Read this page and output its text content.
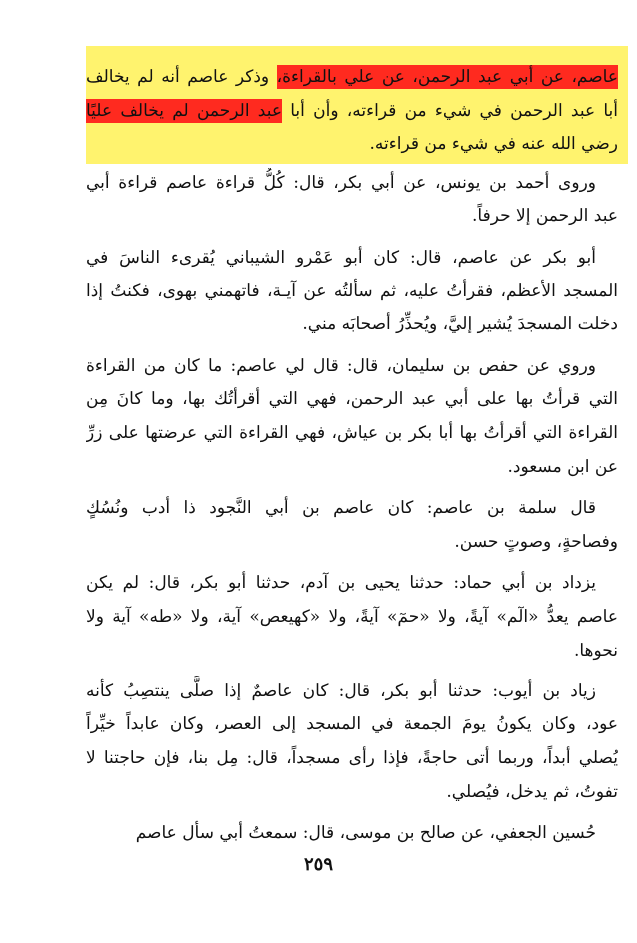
عاصم، عن أبي عبد الرحمن، عن علي بالقراءة، وذكر عاصم أنه لم يخالف
أبا عبد الرحمن في شيء من قراءته، وأن أبا عبد الرحمن لم يخالف عليًا
رضي الله عنه في شيء من قراءته.
وروى أحمد بن يونس، عن أبي بكر، قال: كُلُّ قراءة عاصم قراءة أبي
عبد الرحمن إلا حرفاً.
أبو بكر عن عاصم، قال: كان أبو عَمْرو الشيباني يُقرىء الناسَ في
المسجد الأعظم، فقرأتُ عليه، ثم سألتُه عن آيـة، فاتهمني بهوى، فكنتُ إذا
دخلت المسجدَ يُشير إليَّ، ويُحذِّرُ أصحابَه مني.
وروي عن حفص بن سليمان، قال: قال لي عاصم: ما كان من القراءة
التي قرأتُ بها على أبي عبد الرحمن، فهي التي أقرأتُك بها، وما كانَ مِن
القراءة التي أقرأتُ بها أبا بكر بن عياش، فهي القراءة التي عرضتها على زرِّ
عن ابن مسعود.
قال سلمة بن عاصم: كان عاصم بن أبي النَّجود ذا أدب ونُسُكٍ
وفصاحةٍ، وصوتٍ حسن.
يزداد بن أبي حماد: حدثنا يحيى بن آدم، حدثنا أبو بكر، قال: لم يكن
عاصم يعدُّ «الٓم» آيةً، ولا «حمٓ» آيةً، ولا «كهيعص» آية، ولا «طه» آية ولا
نحوها.
زياد بن أيوب: حدثنا أبو بكر، قال: كان عاصمٌ إذا صلَّى ينتصِبُ كأنه
عود، وكان يكونُ يومَ الجمعة في المسجد إلى العصر، وكان عابداً خيِّراً
يُصلي أبداً، وربما أتى حاجةً، فإذا رأى مسجداً، قال: مِل بنا، فإن حاجتنا لا
تفوتُ، ثم يدخل، فيُصلي.
حُسين الجعفي، عن صالح بن موسى، قال: سمعتُ أبي سأل عاصم
٢٥٩
